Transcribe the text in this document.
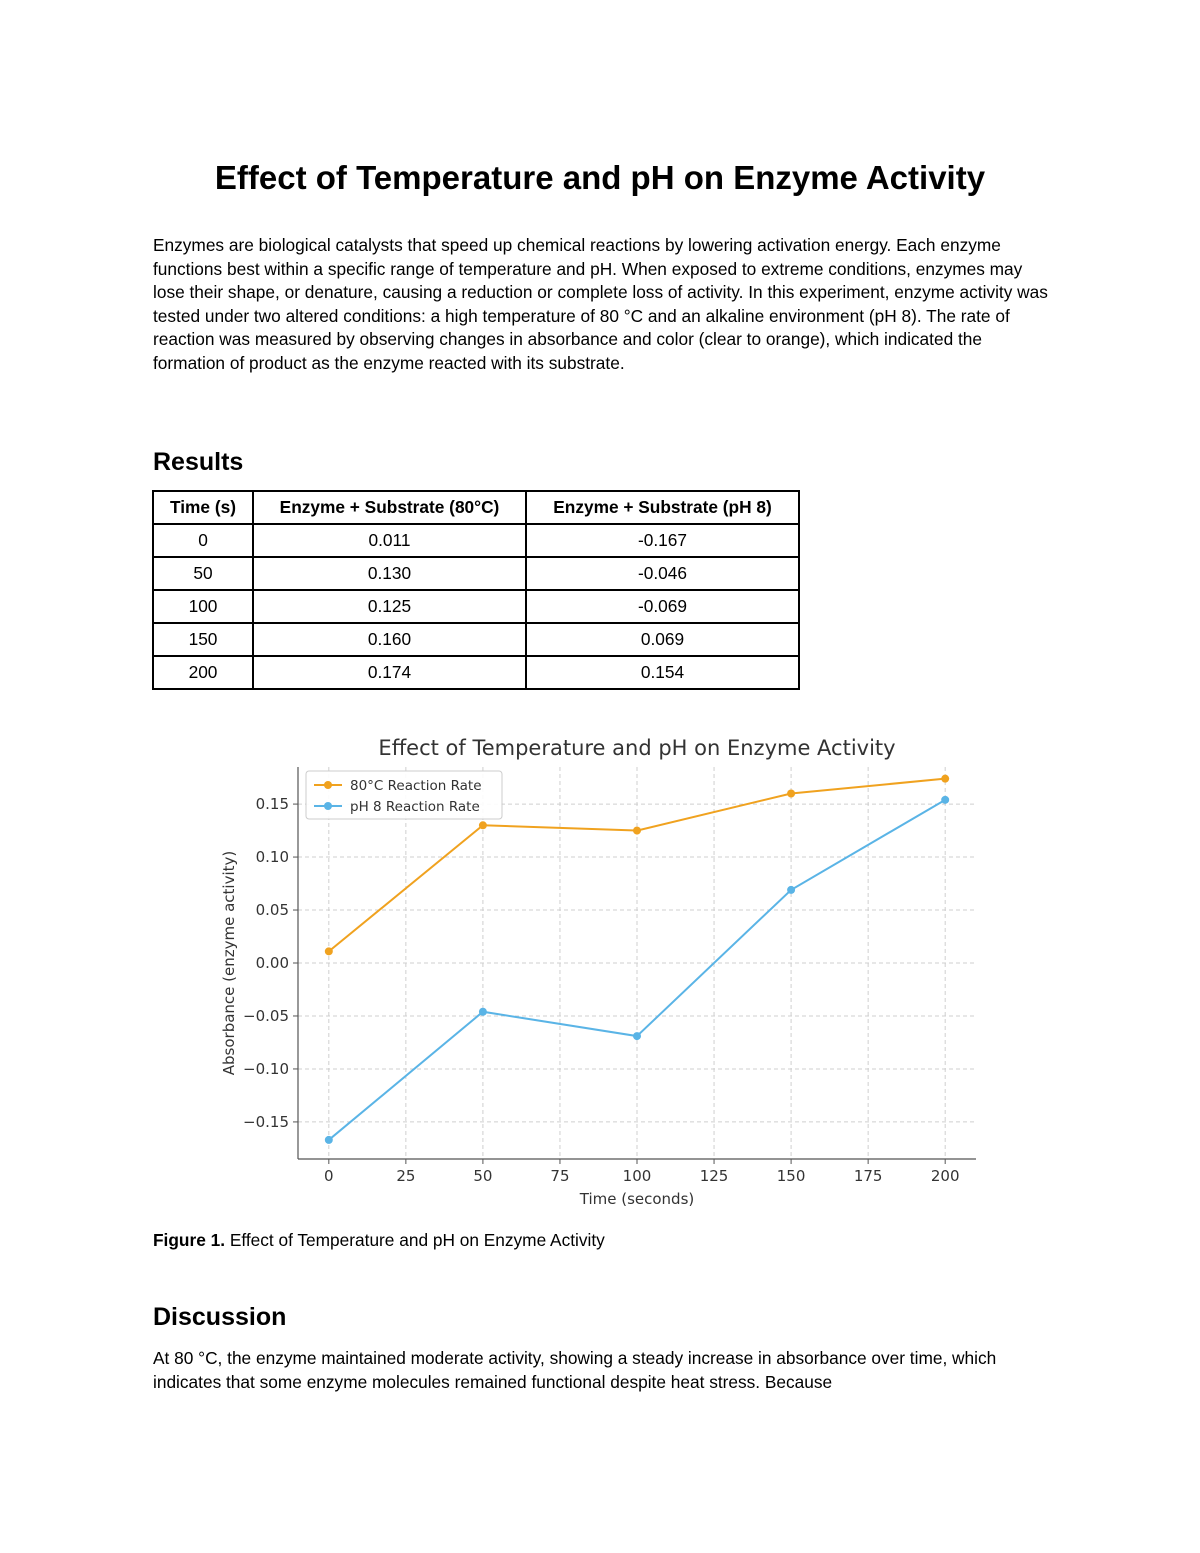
Effect of Temperature and pH on Enzyme Activity

Enzymes are biological catalysts that speed up chemical reactions by lowering activation energy. Each enzyme functions best within a specific range of temperature and pH. When exposed to extreme conditions, enzymes may lose their shape, or denature, causing a reduction or complete loss of activity. In this experiment, enzyme activity was tested under two altered conditions: a high temperature of 80 °C and an alkaline environment (pH 8). The rate of reaction was measured by observing changes in absorbance and color (clear to orange), which indicated the formation of product as the enzyme reacted with its substrate.

Results
Time (s)	Enzyme + Substrate (80°C)	Enzyme + Substrate (pH 8)
0	0.011	-0.167
50	0.130	-0.046
100	0.125	-0.069
150	0.160	0.069
200	0.174	0.154
Effect of Temperature and pH on Enzyme Activity
0	25	50	75	100	125	150	175	200
−0.15
−0.10
−0.05
0.00
0.05
0.10
0.15
Time (seconds)
Absorbance (enzyme activity)
80°C Reaction Rate
pH 8 Reaction Rate

Figure 1. Effect of Temperature and pH on Enzyme Activity

Discussion

At 80 °C, the enzyme maintained moderate activity, showing a steady increase in absorbance over time, which indicates that some enzyme molecules remained functional despite heat stress. Because
